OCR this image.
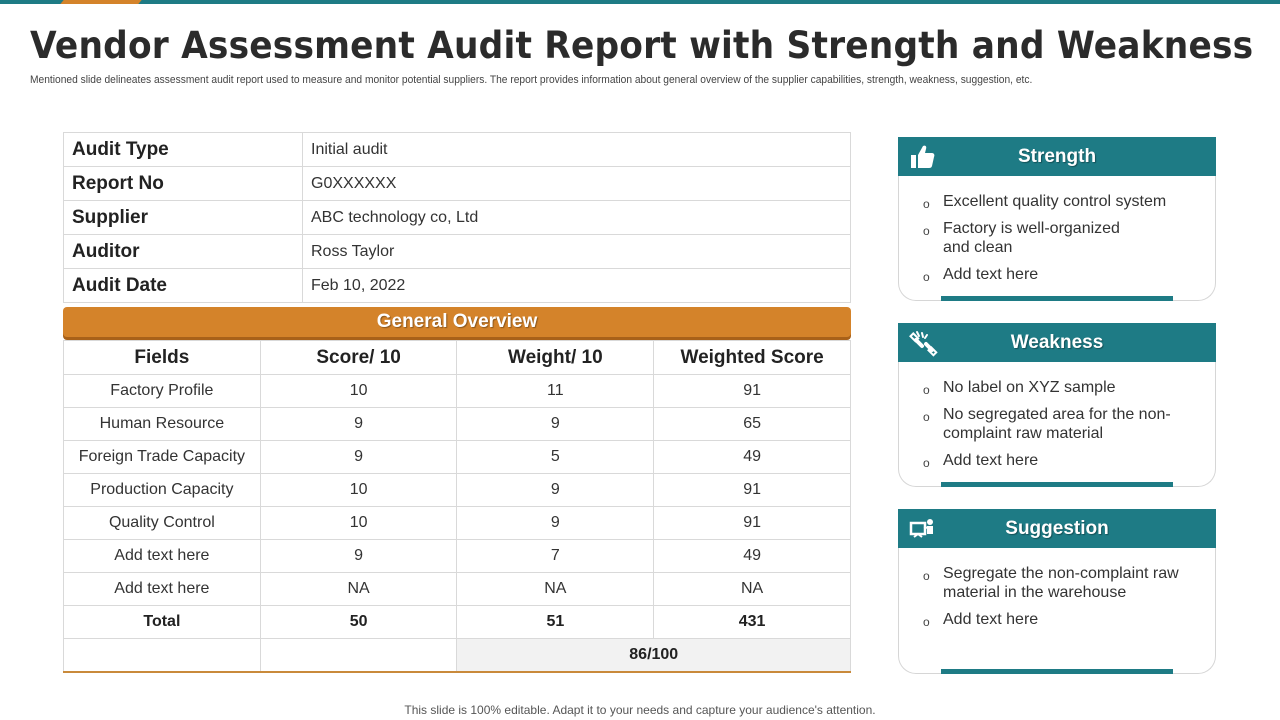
Vendor Assessment Audit Report with Strength and Weakness

Mentioned slide delineates assessment audit report used to measure and monitor potential suppliers. The report provides information about general overview of the supplier capabilities, strength, weakness, suggestion, etc.

Audit Type	Initial audit
Report No	G0XXXXXX
Supplier	ABC technology co, Ltd
Auditor	Ross Taylor
Audit Date	Feb 10, 2022
General Overview
Fields	Score/ 10	Weight/ 10	Weighted Score
Factory Profile	10	11	91
Human Resource	9	9	65
Foreign Trade Capacity	9	5	49
Production Capacity	10	9	91
Quality Control	10	9	91
Add text here	9	7	49
Add text here	NA	NA	NA
Total	50	51	431
		86/100	
Strength
o Excellent quality control system
o Factory is well-organized and clean
o Add text here
Weakness
o No label on XYZ sample
o No segregated area for the non-complaint raw material
o Add text here
Suggestion
o Segregate the non-complaint raw material in the warehouse
o Add text here
This slide is 100% editable. Adapt it to your needs and capture your audience's attention.
